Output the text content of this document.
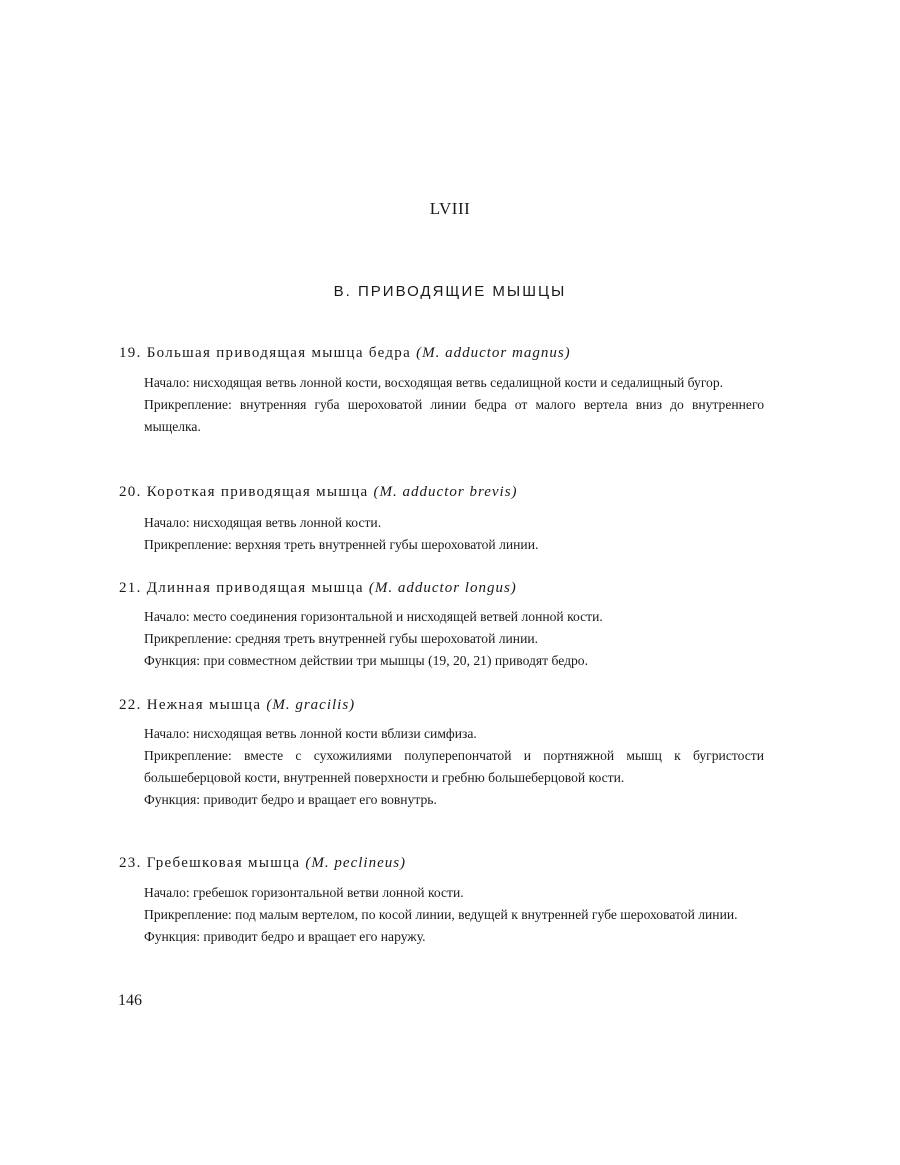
LVIII
В. ПРИВОДЯЩИЕ МЫШЦЫ
19. Большая приводящая мышца бедра (M. adductor magnus)

Начало: нисходящая ветвь лонной кости, восходящая ветвь седалищной кости и седалищный бугор.

Прикрепление: внутренняя губа шероховатой линии бедра от малого вертела вниз до внутреннего мыщелка.

20. Короткая приводящая мышца (M. adductor brevis)

Начало: нисходящая ветвь лонной кости.

Прикрепление: верхняя треть внутренней губы шероховатой линии.

21. Длинная приводящая мышца (M. adductor longus)

Начало: место соединения горизонтальной и нисходящей ветвей лонной кости.

Прикрепление: средняя треть внутренней губы шероховатой линии.

Функция: при совместном действии три мышцы (19, 20, 21) приводят бедро.

22. Нежная мышца (M. gracilis)

Начало: нисходящая ветвь лонной кости вблизи симфиза.

Прикрепление: вместе с сухожилиями полуперепончатой и портняжной мышц к бугристости большеберцовой кости, внутренней поверхности и гребню большеберцовой кости.

Функция: приводит бедро и вращает его вовнутрь.

23. Гребешковая мышца (M. peclineus)

Начало: гребешок горизонтальной ветви лонной кости.

Прикрепление: под малым вертелом, по косой линии, ведущей к внутренней губе шероховатой линии.

Функция: приводит бедро и вращает его наружу.

146
